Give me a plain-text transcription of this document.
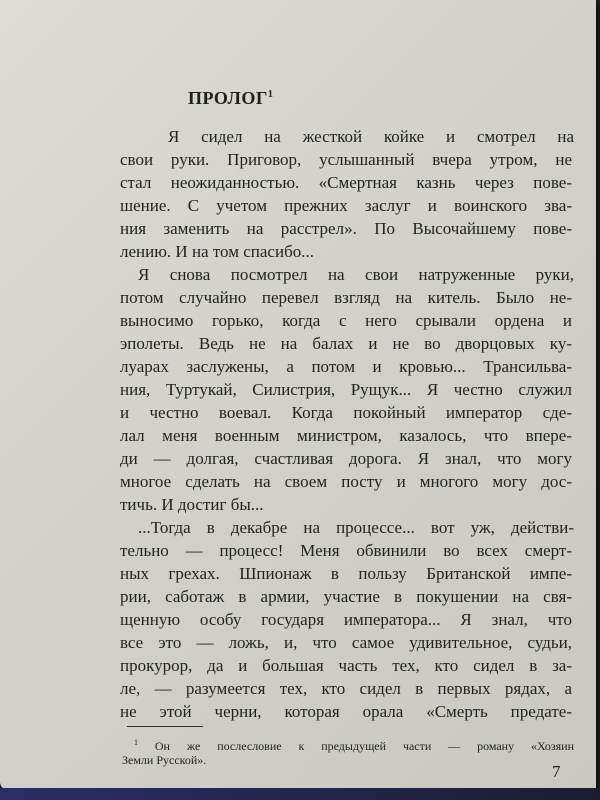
ПРОЛОГ$^1$
Я сидел на жесткой койке и смотрел на
свои руки. Приговор, услышанный вчера утром, не
стал неожиданностью. «Смертная казнь через пове-
шение. С учетом прежних заслуг и воинского зва-
ния заменить на расстрел». По Высочайшему пове-
лению. И на том спасибо...
Я снова посмотрел на свои натруженные руки,
потом случайно перевел взгляд на китель. Было не-
выносимо горько, когда с него срывали ордена и
эполеты. Ведь не на балах и не во дворцовых ку-
луарах заслужены, а потом и кровью... Трансильва-
ния, Туртукай, Силистрия, Рущук... Я честно служил
и честно воевал. Когда покойный император сде-
лал меня военным министром, казалось, что впере-
ди — долгая, счастливая дорога. Я знал, что могу
многое сделать на своем посту и многого могу дос-
тичь. И достиг бы...
...Тогда в декабре на процессе... вот уж, действи-
тельно — процесс! Меня обвинили во всех смерт-
ных грехах. Шпионаж в пользу Британской импе-
рии, саботаж в армии, участие в покушении на свя-
щенную особу государя императора... Я знал, что
все это — ложь, и, что самое удивительное, судьи,
прокурор, да и большая часть тех, кто сидел в за-
ле, — разумеется тех, кто сидел в первых рядах, а
не этой черни, которая орала «Смерть предате-
$^1$ Он же послесловие к предыдущей части — роману «Хозяин
Земли Русской».
7
